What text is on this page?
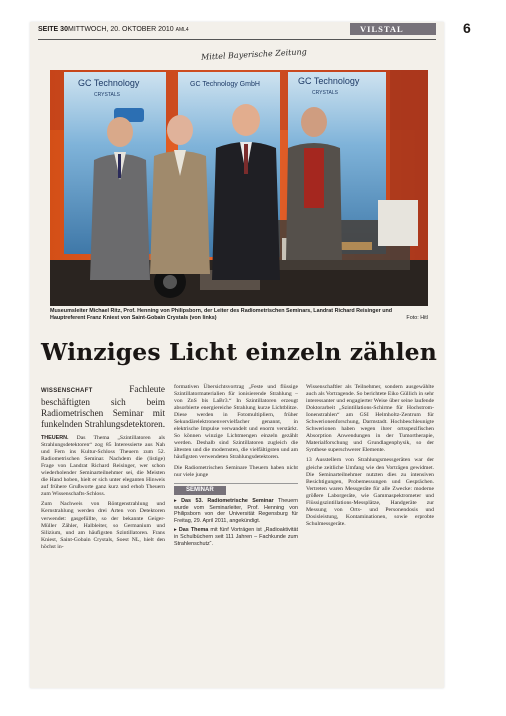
SEITE 30 MITTWOCH, 20. OKTOBER 2010 AML4	VILSTAL	6
Mittel Bayerische Zeitung
GC Technology
CRYSTALS
GC Technology GmbH	GC Technology
CRYSTALS
Museumsleiter Michael Ritz, Prof. Henning von Philipsborn, der Leiter des Radiometrischen Seminars, Landrat Richard Reisinger und Hauptreferent Franz Kniest von Saint-Gobain Crystals (von links)	Foto: Hitl
Winziges Licht einzeln zählen
WISSENSCHAFT	Fachleute beschäftigten sich beim Radiometrischen Seminar mit funkelnden Strahlungsdetektoren.
THEUERN. Das Thema „Szintillatoren als Strahlungsdetektoren“ zog 85 Interessierte aus Nah und Fern ins Kultur-Schloss Theuern zum 52. Radiometrischen Seminar. Nachdem die (listige) Frage von Landrat Richard Reisinger, wer schon wiederholender Seminarteilnehmer sei, die Meisten die Hand hoben, hielt er sich unter eleganten Hinweis auf frühere Grußworte ganz kurz und erhob Theuern zum Wissenschafts-Schloss.
Zum Nachweis von Röntgenstrahlung und Kernstrahlung werden drei Arten von Detektoren verwendet: gasgefüllte, so der bekannte Geiger-Müller Zähler, Halbleiter, so Germanium und Silizium, und am häufigsten Szintillatoren. Frans Kniest, Saint-Gobain Crystals, Soest NL, hielt den höchst in-
formativen Übersichtsvortrag „Feste und flüssige Szintillatormaterialien für ionisierende Strahlung – von ZnS bis LaBr3.“ In Szintillatoren erzeugt absorbierte energiereiche Strahlung kurze Lichtblitze. Diese werden in Fotomultipliern, früher Sekundärelektronenvervielfacher genannt, in elektrische Impulse verwandelt und enorm verstärkt. So können winzige Lichtmengen einzeln gezählt werden. Deshalb sind Szintillatoren zugleich die ältesten und die modernsten, die vielfältigsten und am häufigsten verwendeten Strahlungsdetektoren.
Die Radiometrischen Seminare Theuern haben nicht nur viele junge
SEMINAR
▸ Das 53. Radiometrische Seminar Theuern wurde vom Seminarleiter, Prof. Henning von Philipsborn von der Universität Regensburg für Freitag, 29. April 2011, angekündigt.
▸ Das Thema mit fünf Vorträgen ist „Radioaktivität in Schulbüchern seit 111 Jahren – Fachkunde zum Strahlenschutz“.
Wissenschaftler als Teilnehmer, sondern ausgewählte auch als Vortragende. So berichtete Eiko Güllich in sehr interessanter und engagierter Weise über seine laufende Doktorarbeit „Szintillations-Schirme für Hochstrom-Ionenstrahlen“ am GSI Helmholtz-Zentrum für Schwerionenforschung, Darmstadt. Hochbeschleunigte Schwerionen haben wegen ihrer ortsspezifischen Absorption Anwendungen in der Tumortherapie, Materialforschung und Grundlagenphysik, so der Synthese superschwerer Elemente.
13 Ausstellern von Strahlungsmessgeräten war der gleiche zeitliche Umfang wie den Vorträgen gewidmet. Die Seminarteilnehmer nutzten dies zu intensiven Besichtigungen, Probemessungen und Gesprächen. Vertreten waren Messgeräte für alle Zwecke: moderne größere Laborgeräte, wie Gammaspektrometer und Flüssigszintillations-Messplätze, Handgeräte zur Messung von Orts- und Personendosis und Dosisleistung, Kontaminationen, sowie erprobte Schulmessgeräte.
